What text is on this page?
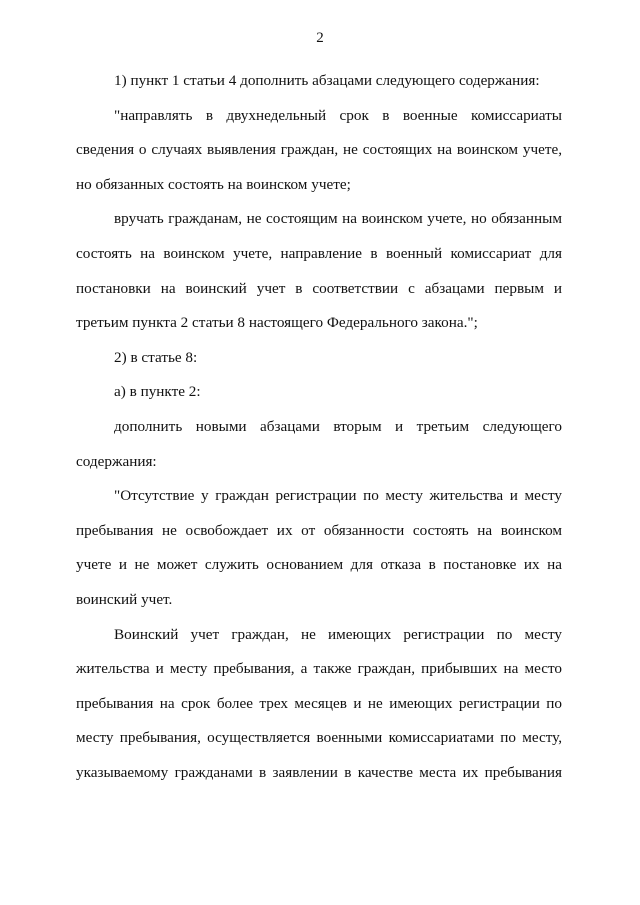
2

1) пункт 1 статьи 4 дополнить абзацами следующего содержания:

"направлять в двухнедельный срок в военные комиссариаты сведения о случаях выявления граждан, не состоящих на воинском учете, но обязанных состоять на воинском учете;

вручать гражданам, не состоящим на воинском учете, но обязанным состоять на воинском учете, направление в военный комиссариат для постановки на воинский учет в соответствии с абзацами первым и третьим пункта 2 статьи 8 настоящего Федерального закона.";

2) в статье 8:

а) в пункте 2:

дополнить новыми абзацами вторым и третьим следующего содержания:

"Отсутствие у граждан регистрации по месту жительства и месту пребывания не освобождает их от обязанности состоять на воинском учете и не может служить основанием для отказа в постановке их на воинский учет.

Воинский учет граждан, не имеющих регистрации по месту жительства и месту пребывания, а также граждан, прибывших на место пребывания на срок более трех месяцев и не имеющих регистрации по месту пребывания, осуществляется военными комиссариатами по месту, указываемому гражданами в заявлении в качестве места их пребывания
